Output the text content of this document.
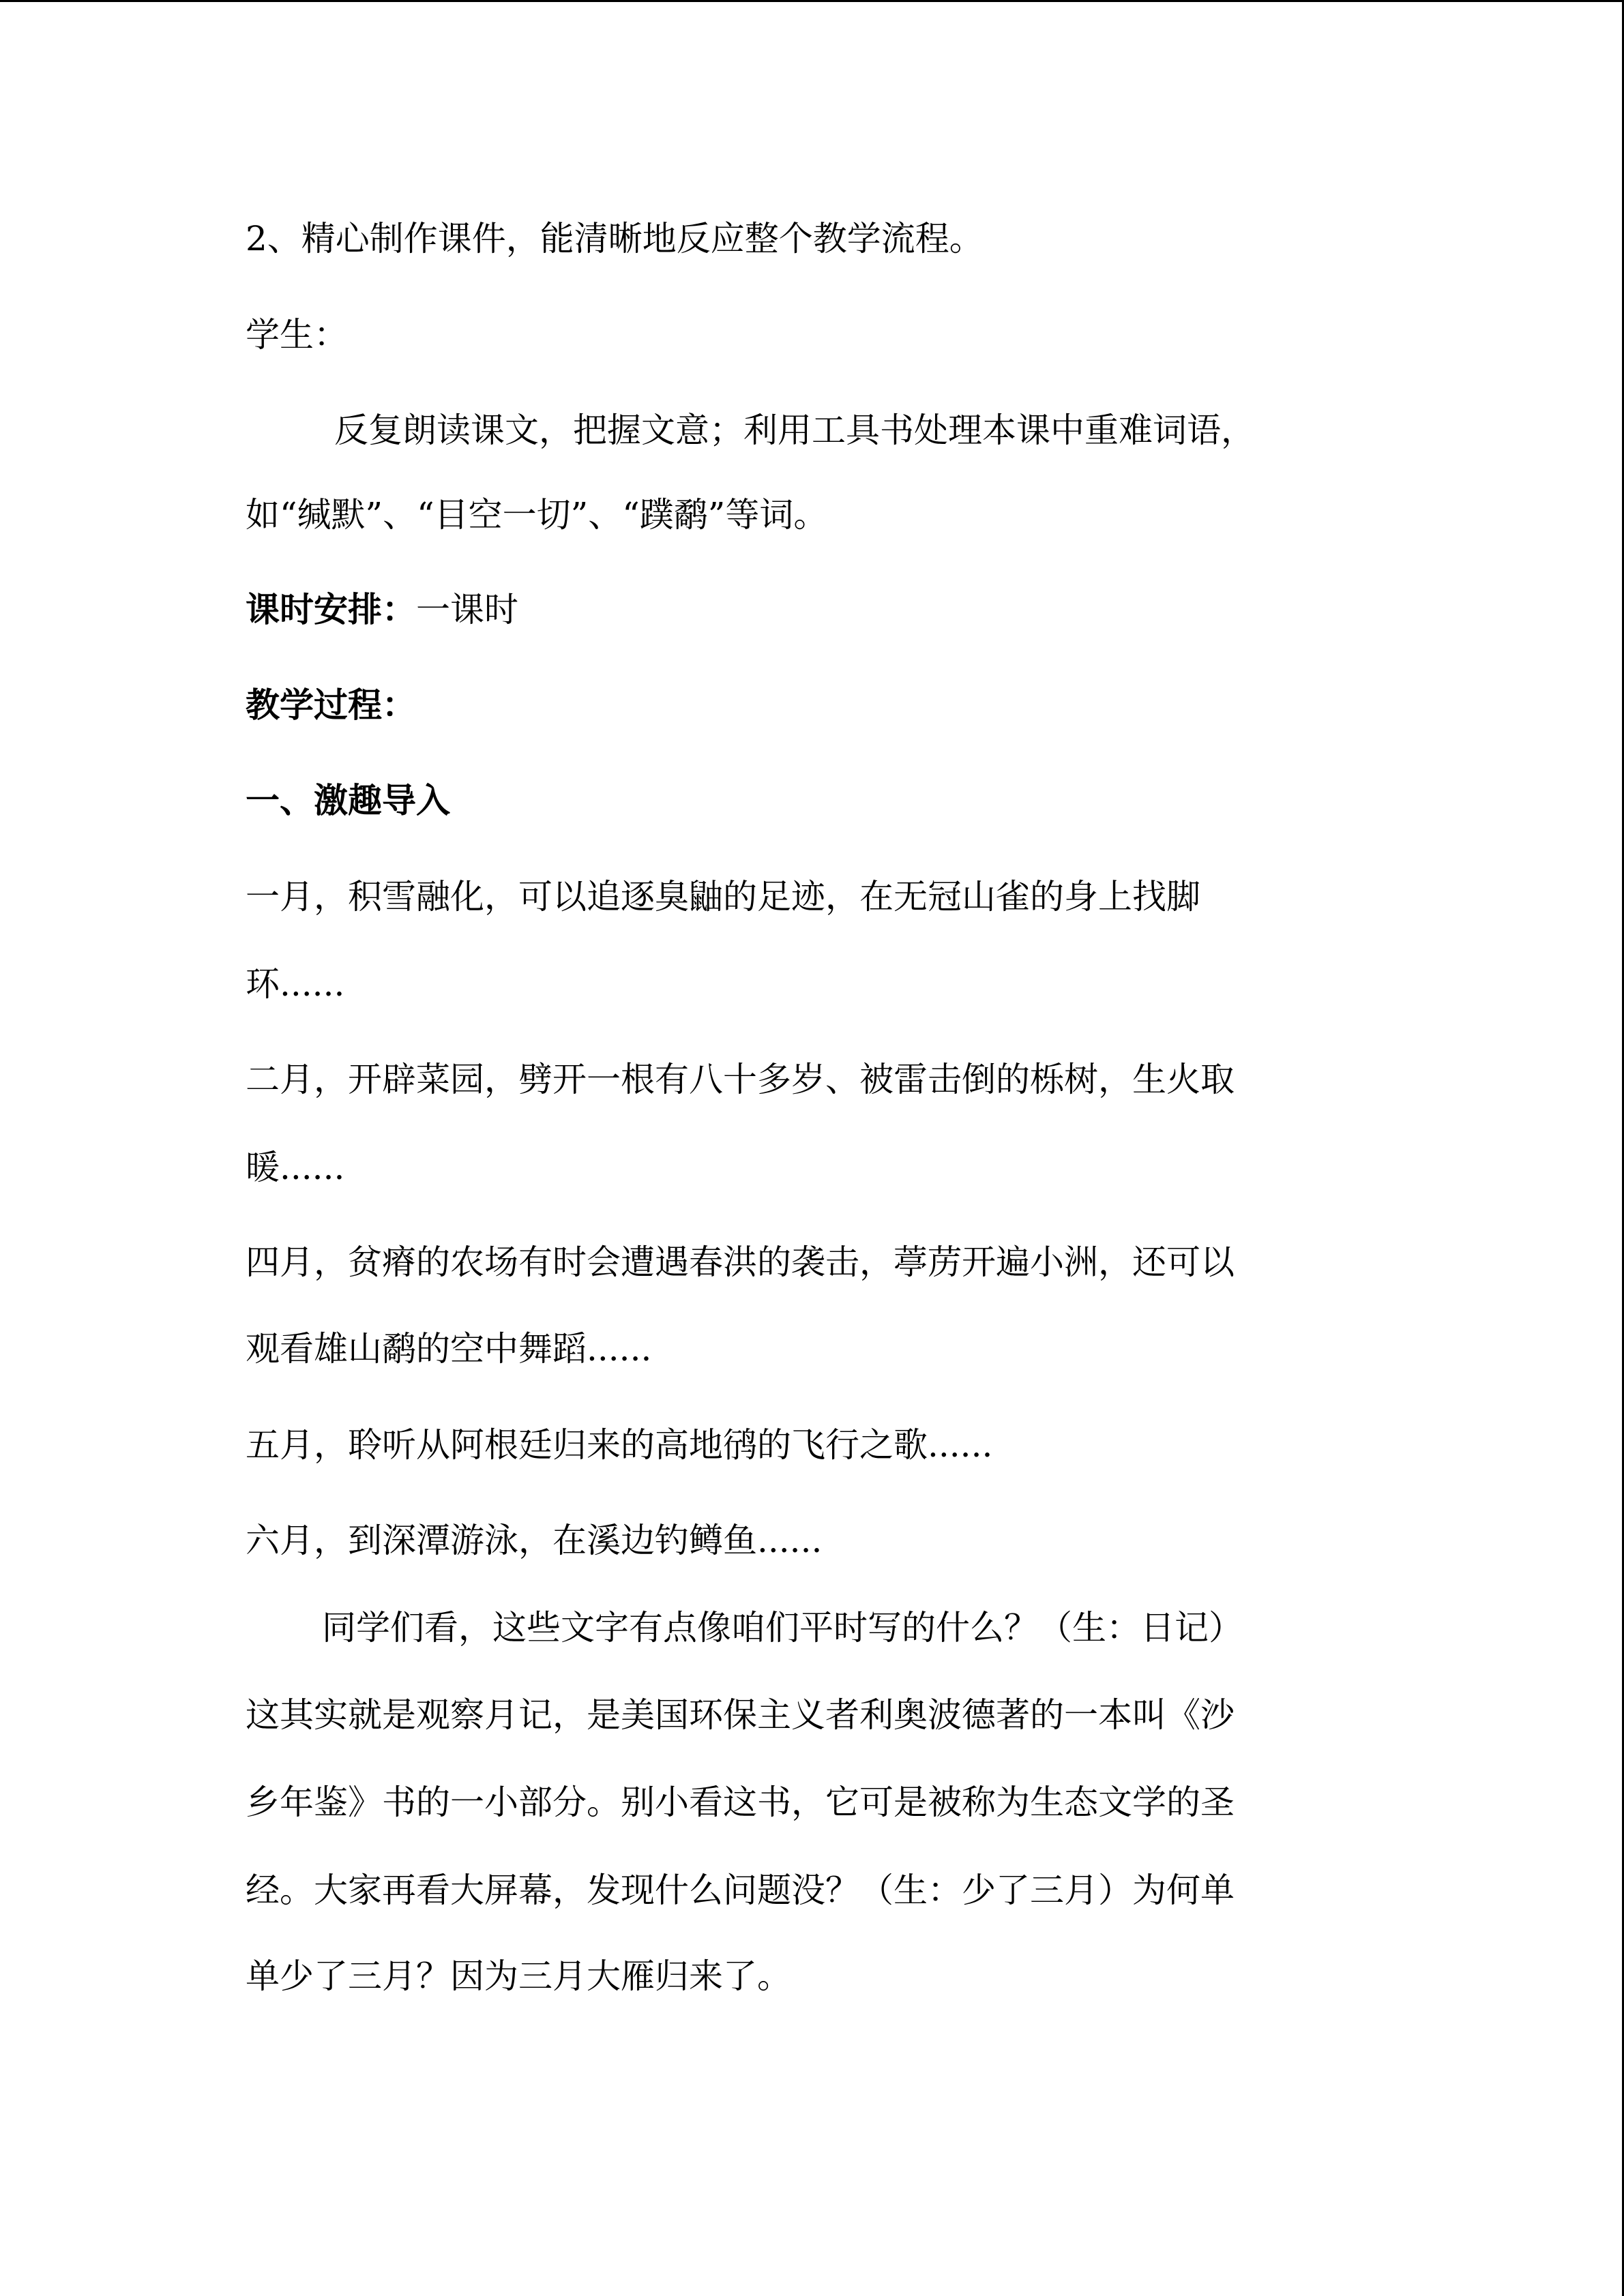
2、精心制作课件，能清晰地反应整个教学流程。
学生：
反复朗读课文，把握文意；利用工具书处理本课中重难词语，
如“缄默”、“目空一切”、“蹼鹬”等词。
课时安排：一课时
教学过程：
一、激趣导入
一月，积雪融化，可以追逐臭鼬的足迹，在无冠山雀的身上找脚
环......
二月，开辟菜园，劈开一根有八十多岁、被雷击倒的栎树，生火取
暖......
四月，贫瘠的农场有时会遭遇春洪的袭击，葶苈开遍小洲，还可以
观看雄山鹬的空中舞蹈......
五月，聆听从阿根廷归来的高地鸻的飞行之歌......
六月，到深潭游泳，在溪边钓鳟鱼......
同学们看，这些文字有点像咱们平时写的什么？（生：日记）
这其实就是观察月记，是美国环保主义者利奥波德著的一本叫《沙
乡年鉴》书的一小部分。别小看这书，它可是被称为生态文学的圣
经。大家再看大屏幕，发现什么问题没？（生：少了三月）为何单
单少了三月？因为三月大雁归来了。
